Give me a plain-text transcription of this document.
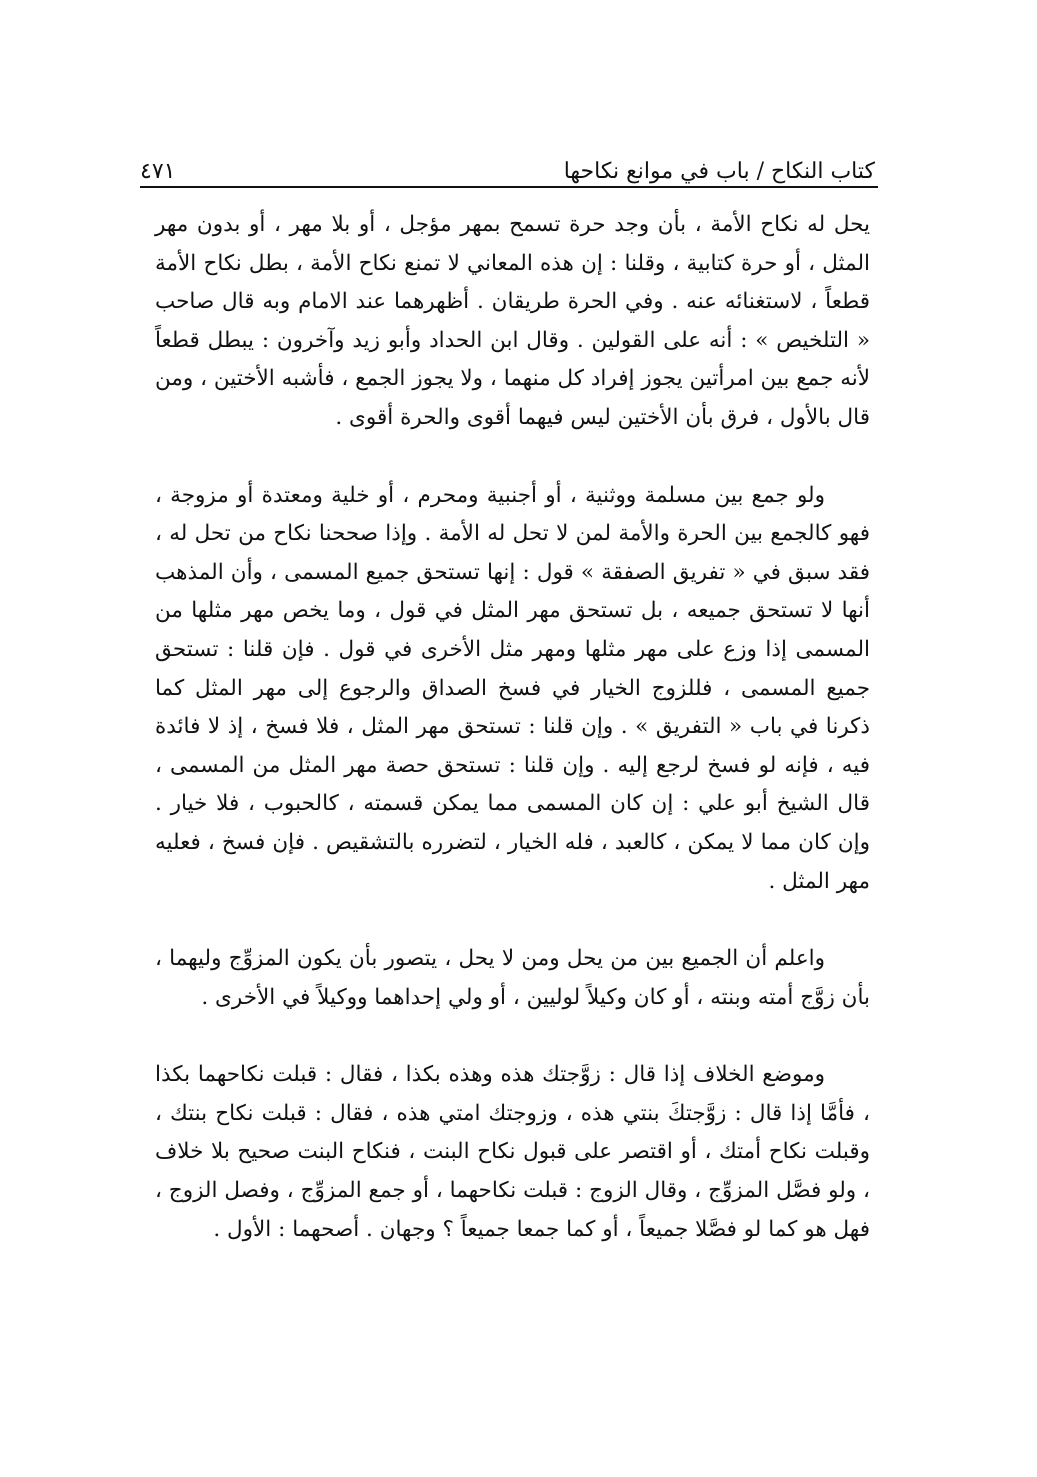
كتاب النكاح / باب في موانع نكاحها
٤٧١

يحل له نكاح الأمة ، بأن وجد حرة تسمح بمهر مؤجل ، أو بلا مهر ، أو بدون مهر المثل ، أو حرة كتابية ، وقلنا : إن هذه المعاني لا تمنع نكاح الأمة ، بطل نكاح الأمة قطعاً ، لاستغنائه عنه . وفي الحرة طريقان . أظهرهما عند الامام وبه قال صاحب « التلخيص » : أنه على القولين . وقال ابن الحداد وأبو زيد وآخرون : يبطل قطعاً لأنه جمع بين امرأتين يجوز إفراد كل منهما ، ولا يجوز الجمع ، فأشبه الأختين ، ومن قال بالأول ، فرق بأن الأختين ليس فيهما أقوى والحرة أقوى .

ولو جمع بين مسلمة ووثنية ، أو أجنبية ومحرم ، أو خلية ومعتدة أو مزوجة ، فهو كالجمع بين الحرة والأمة لمن لا تحل له الأمة . وإذا صححنا نكاح من تحل له ، فقد سبق في « تفريق الصفقة » قول : إنها تستحق جميع المسمى ، وأن المذهب أنها لا تستحق جميعه ، بل تستحق مهر المثل في قول ، وما يخص مهر مثلها من المسمى إذا وزع على مهر مثلها ومهر مثل الأخرى في قول . فإن قلنا : تستحق جميع المسمى ، فللزوج الخيار في فسخ الصداق والرجوع إلى مهر المثل كما ذكرنا في باب « التفريق » . وإن قلنا : تستحق مهر المثل ، فلا فسخ ، إذ لا فائدة فيه ، فإنه لو فسخ لرجع إليه . وإن قلنا : تستحق حصة مهر المثل من المسمى ، قال الشيخ أبو علي : إن كان المسمى مما يمكن قسمته ، كالحبوب ، فلا خيار . وإن كان مما لا يمكن ، كالعبد ، فله الخيار ، لتضرره بالتشقيص . فإن فسخ ، فعليه مهر المثل .

واعلم أن الجميع بين من يحل ومن لا يحل ، يتصور بأن يكون المزوِّج وليهما ، بأن زوَّج أمته وبنته ، أو كان وكيلاً لوليين ، أو ولي إحداهما ووكيلاً في الأخرى .

وموضع الخلاف إذا قال : زوَّجتك هذه وهذه بكذا ، فقال : قبلت نكاحهما بكذا ، فأمَّا إذا قال : زوَّجتكَ بنتي هذه ، وزوجتك امتي هذه ، فقال : قبلت نكاح بنتك ، وقبلت نكاح أمتك ، أو اقتصر على قبول نكاح البنت ، فنكاح البنت صحيح بلا خلاف ، ولو فصَّل المزوِّج ، وقال الزوج : قبلت نكاحهما ، أو جمع المزوِّج ، وفصل الزوج ، فهل هو كما لو فصَّلا جميعاً ، أو كما جمعا جميعاً ؟ وجهان . أصحهما : الأول .
